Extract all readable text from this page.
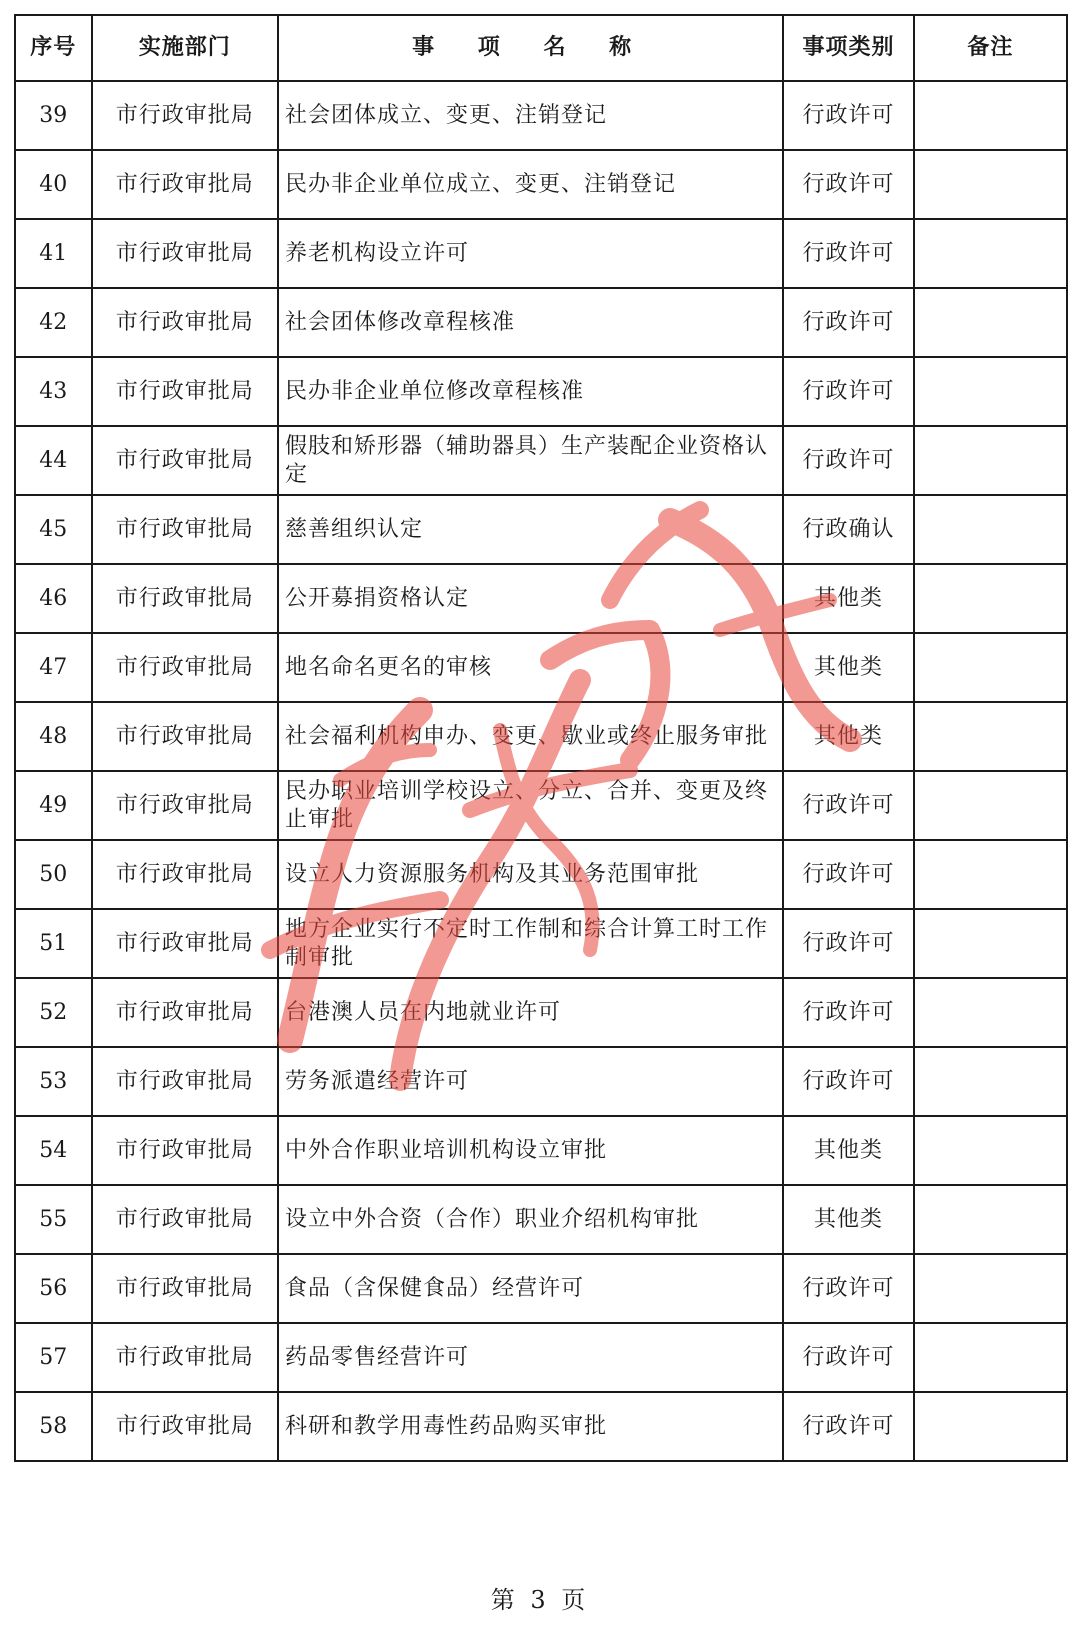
序号	实施部门	事 项 名 称	事项类别	备注
39	市行政审批局	社会团体成立、变更、注销登记	行政许可	
40	市行政审批局	民办非企业单位成立、变更、注销登记	行政许可	
41	市行政审批局	养老机构设立许可	行政许可	
42	市行政审批局	社会团体修改章程核准	行政许可	
43	市行政审批局	民办非企业单位修改章程核准	行政许可	
44	市行政审批局	假肢和矫形器（辅助器具）生产装配企业资格认定	行政许可	
45	市行政审批局	慈善组织认定	行政确认	
46	市行政审批局	公开募捐资格认定	其他类	
47	市行政审批局	地名命名更名的审核	其他类	
48	市行政审批局	社会福利机构申办、变更、歇业或终止服务审批	其他类	
49	市行政审批局	民办职业培训学校设立、分立、合并、变更及终止审批	行政许可	
50	市行政审批局	设立人力资源服务机构及其业务范围审批	行政许可	
51	市行政审批局	地方企业实行不定时工作制和综合计算工时工作制审批	行政许可	
52	市行政审批局	台港澳人员在内地就业许可	行政许可	
53	市行政审批局	劳务派遣经营许可	行政许可	
54	市行政审批局	中外合作职业培训机构设立审批	其他类	
55	市行政审批局	设立中外合资（合作）职业介绍机构审批	其他类	
56	市行政审批局	食品（含保健食品）经营许可	行政许可	
57	市行政审批局	药品零售经营许可	行政许可	
58	市行政审批局	科研和教学用毒性药品购买审批	行政许可	
第 3 页
